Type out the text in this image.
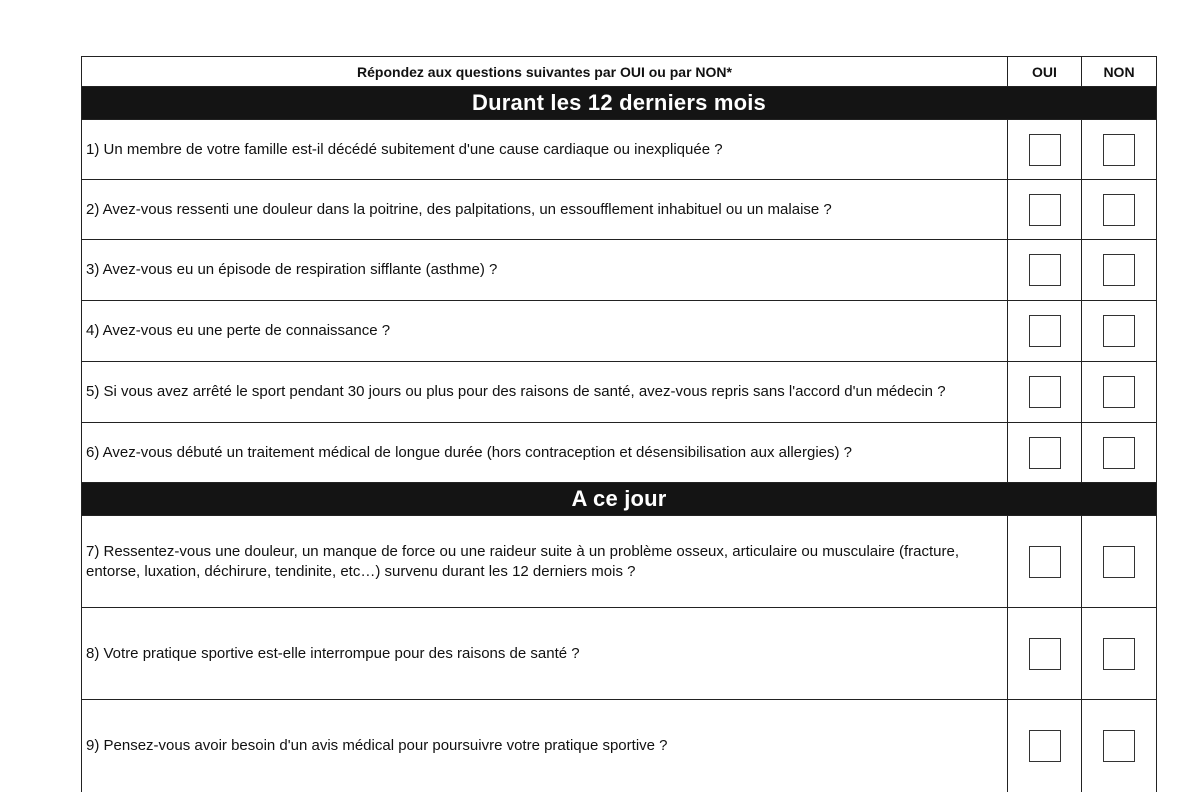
Répondez aux questions suivantes par OUI ou par NON*	OUI	NON
Durant les 12 derniers mois
1) Un membre de votre famille est-il décédé subitement d'une cause cardiaque ou inexpliquée ?
2) Avez-vous ressenti une douleur dans la poitrine, des palpitations, un essoufflement inhabituel ou un malaise ?
3) Avez-vous eu un épisode de respiration sifflante (asthme) ?
4) Avez-vous eu une perte de connaissance ?
5) Si vous avez arrêté le sport pendant 30 jours ou plus pour des raisons de santé, avez-vous repris sans l'accord d'un médecin ?
6) Avez-vous débuté un traitement médical de longue durée (hors contraception et désensibilisation aux allergies) ?
A ce jour
7) Ressentez-vous une douleur, un manque de force ou une raideur suite à un problème osseux, articulaire ou musculaire (fracture, entorse, luxation, déchirure, tendinite, etc…) survenu durant les 12 derniers mois ?
8) Votre pratique sportive est-elle interrompue pour des raisons de santé ?
9) Pensez-vous avoir besoin d'un avis médical pour poursuivre votre pratique sportive ?
